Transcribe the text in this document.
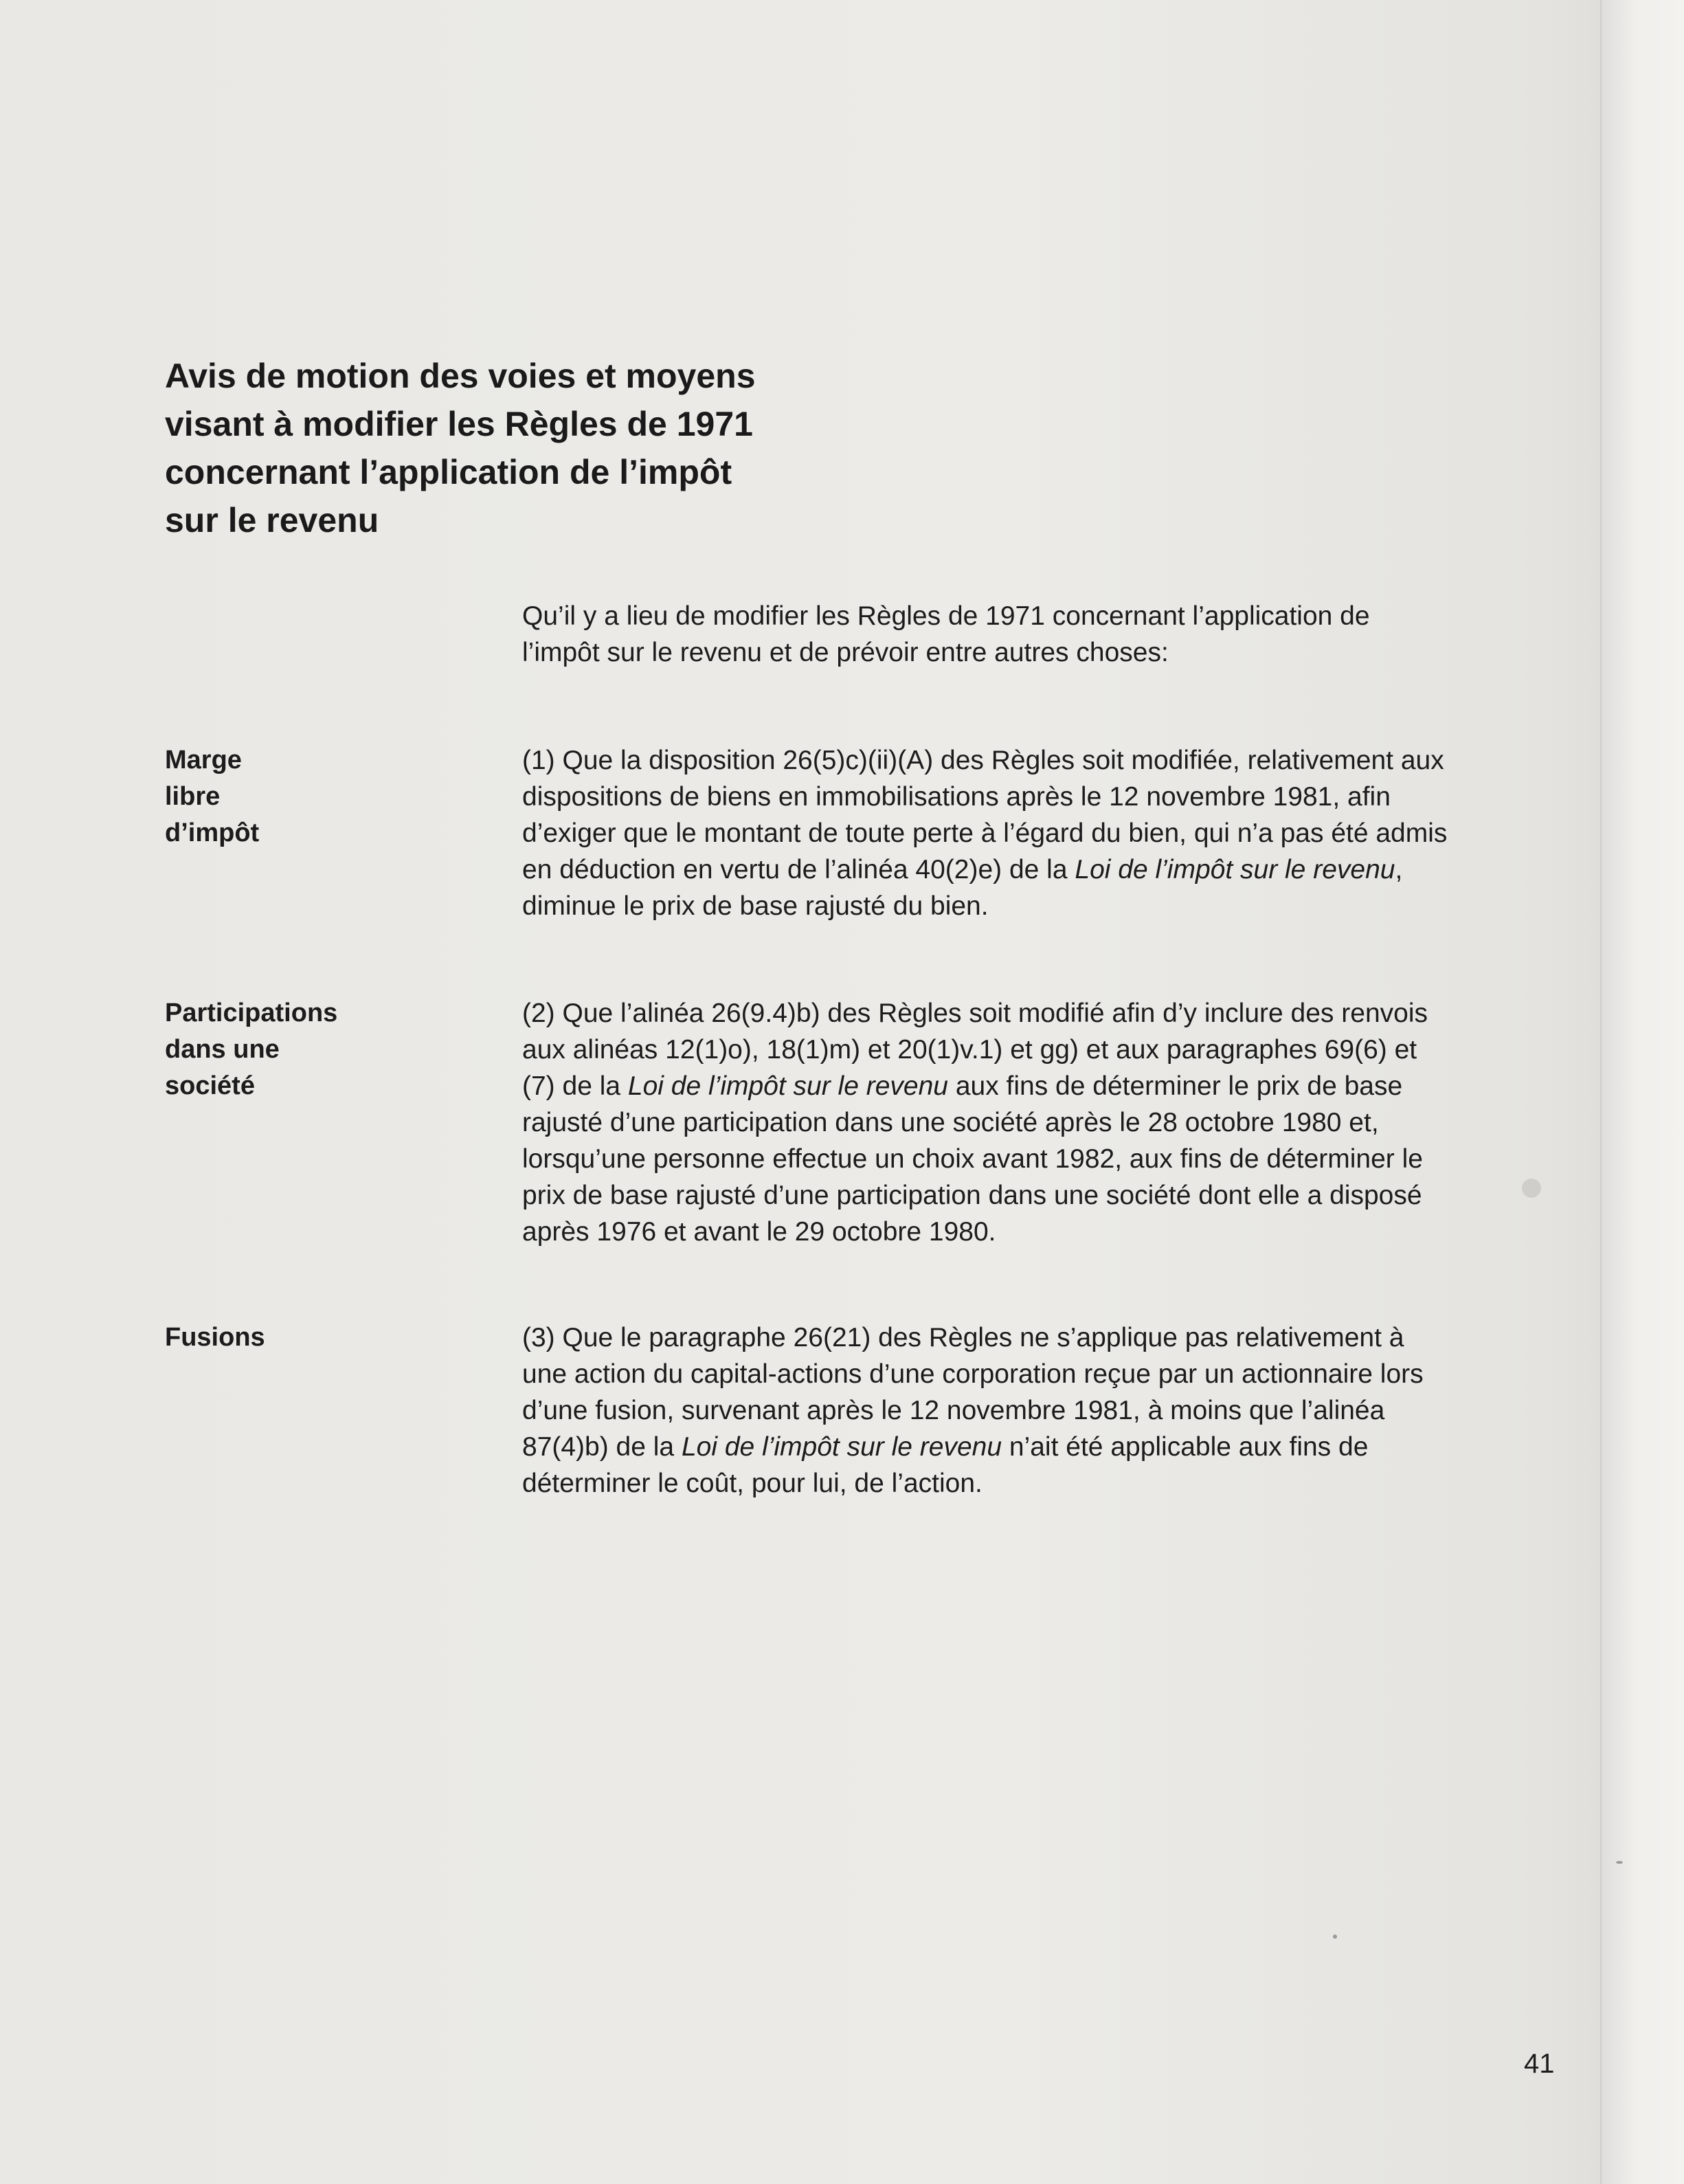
Avis de motion des voies et moyens
visant à modifier les Règles de 1971
concernant l’application de l’impôt
sur le revenu

Qu’il y a lieu de modifier les Règles de 1971 concernant l’application de l’impôt sur le revenu et de prévoir entre autres choses:

Marge
libre
d’impôt

(1) Que la disposition 26(5)c)(ii)(A) des Règles soit modifiée, relativement aux dispositions de biens en immobilisations après le 12 novembre 1981, afin d’exiger que le montant de toute perte à l’égard du bien, qui n’a pas été admis en déduction en vertu de l’alinéa 40(2)e) de la Loi de l’impôt sur le revenu, diminue le prix de base rajusté du bien.

Participations
dans une
société

(2) Que l’alinéa 26(9.4)b) des Règles soit modifié afin d’y inclure des renvois aux alinéas 12(1)o), 18(1)m) et 20(1)v.1) et gg) et aux paragraphes 69(6) et (7) de la Loi de l’impôt sur le revenu aux fins de déterminer le prix de base rajusté d’une participation dans une société après le 28 octobre 1980 et, lorsqu’une personne effectue un choix avant 1982, aux fins de déterminer le prix de base rajusté d’une participation dans une société dont elle a disposé après 1976 et avant le 29 octobre 1980.

Fusions	(3) Que le paragraphe 26(21) des Règles ne s’applique pas relativement à une action du capital-actions d’une corporation reçue par un actionnaire lors d’une fusion, survenant après le 12 novembre 1981, à moins que l’alinéa 87(4)b) de la Loi de l’impôt sur le revenu n’ait été applicable aux fins de déterminer le coût, pour lui, de l’action.

41
